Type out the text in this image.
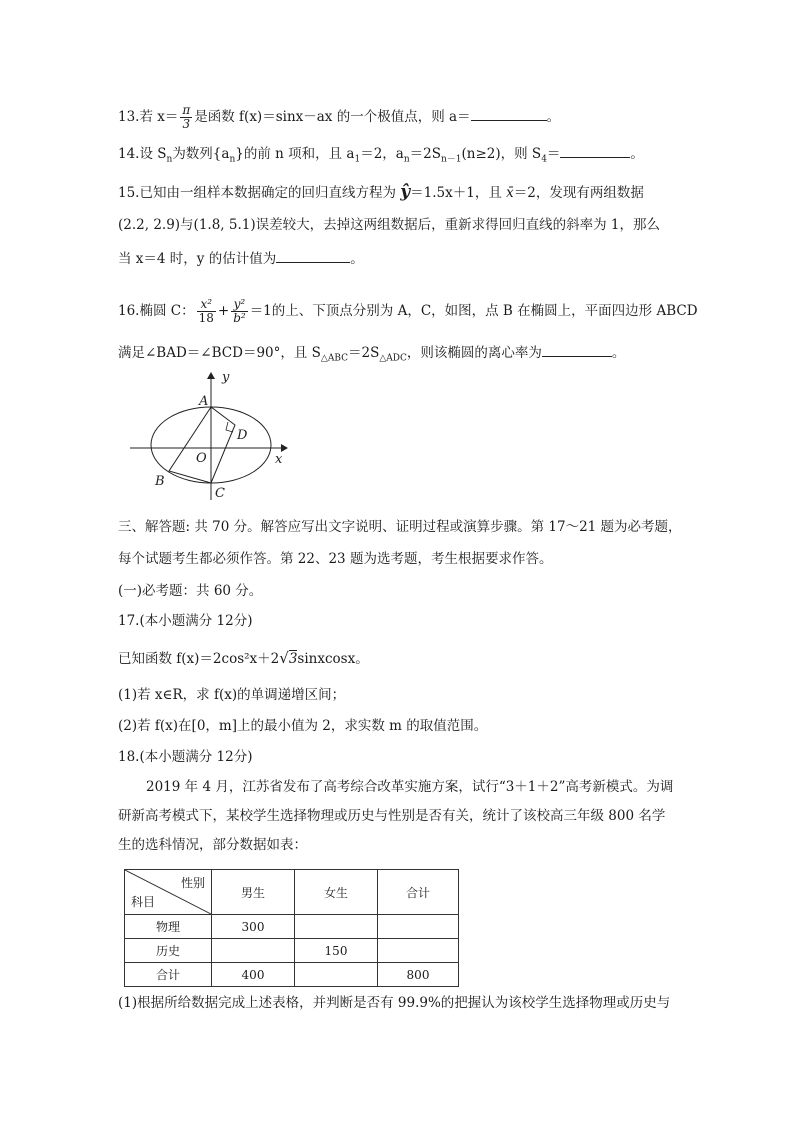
13.若 $x= \frac{\pi}{3}$ 是函数 f(x)＝sinx－ax 的一个极值点，则 a＝	。
14.设 $S_n$为数列$\{a_n\}$的前 n 项和，且 $a_1=2$，$a_n=2S_{n-1}(n\ge 2)$，则 $S_4=$	。
15.已知由一组样本数据确定的回归直线方程为 ŷ＝1.5x＋1，且 x̄＝2，发现有两组数据
(2.2, 2.9)与(1.8, 5.1)误差较大，去掉这两组数据后，重新求得回归直线的斜率为 1，那么
当 x＝4 时，y 的估计值为	。
16.椭圆 C： $\frac{\text{x²}}{18} + \frac{\text{y²}}{\text{b²}} =1$的上、下顶点分别为 A，C，如图，点 B 在椭圆上，平面四边形 ABCD
满足∠BAD＝∠BCD＝90°，且 $S_{\triangle ABC}=2S_{\triangle ADC}$，则该椭圆的离心率为	。
y
x
A
D
O
B
C
三、解答题: 共 70 分。解答应写出文字说明、证明过程或演算步骤。第 17～21 题为必考题，
每个试题考生都必须作答。第 22、23 题为选考题，考生根据要求作答。
(一)必考题：共 60 分。
17.(本小题满分 12分)
已知函数 f(x)＝2cos²x＋2√3sinxcosx。
(1)若 x∈R，求 f(x)的单调递增区间；
(2)若 f(x)在[0，m]上的最小值为 2，求实数 m 的取值范围。
18.(本小题满分 12分)
2019 年 4 月，江苏省发布了高考综合改革实施方案，试行“3＋1＋2”高考新模式。为调研新高考模式下，某校学生选择物理或历史与性别是否有关，统计了该校高三年级 800 名学生的选科情况，部分数据如表：
性别
科目	男生	女生	合计
物理	300		
历史		150	
合计	400		800
(1)根据所给数据完成上述表格，并判断是否有 99.9%的把握认为该校学生选择物理或历史与
